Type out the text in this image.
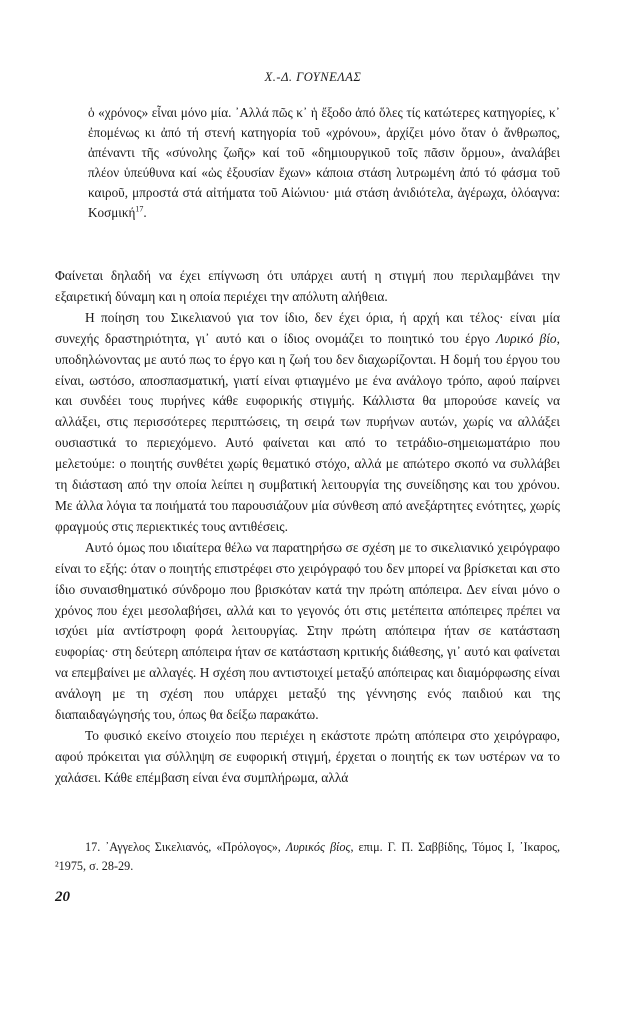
Χ.-Δ. ΓΟΥΝΕΛΑΣ

ὁ «χρόνος» εἶναι μόνο μία. ᾿Αλλά πῶς κ᾿ ἡ ἔξοδο ἀπό ὅλες τίς κατώτερες κατηγορίες, κ᾿ ἐπομένως κι ἀπό τή στενή κατηγορία τοῦ «χρόνου», ἀρχίζει μόνο ὅταν ὁ ἄνθρωπος, ἀπέναντι τῆς «σύνολης ζωῆς» καί τοῦ «δημιουργικοῦ τοῖς πᾶσιν ὅρμου», ἀναλάβει πλέον ὑπεύθυνα καί «ὡς ἐξουσίαν ἔχων» κάποια στάση λυτρωμένη ἀπό τό φάσμα τοῦ καιροῦ, μπροστά στά αἰτήματα τοῦ Αἰώνιου· μιά στάση ἀνιδιότελα, ἀγέρωχα, ὁλόαγνα: Κοσμική$^{17}$.

Φαίνεται δηλαδή να έχει επίγνωση ότι υπάρχει αυτή η στιγμή που περιλαμβάνει την εξαιρετική δύναμη και η οποία περιέχει την απόλυτη αλήθεια.

Η ποίηση του Σικελιανού για τον ίδιο, δεν έχει όρια, ή αρχή και τέλος· είναι μία συνεχής δραστηριότητα, γι᾿ αυτό και ο ίδιος ονομάζει το ποιητικό του έργο Λυρικό βίο, υποδηλώνοντας με αυτό πως το έργο και η ζωή του δεν διαχωρίζονται. Η δομή του έργου του είναι, ωστόσο, αποσπασματική, γιατί είναι φτιαγμένο με ένα ανάλογο τρόπο, αφού παίρνει και συνδέει τους πυρήνες κάθε ευφορικής στιγμής. Κάλλιστα θα μπορούσε κανείς να αλλάξει, στις περισσότερες περιπτώσεις, τη σειρά των πυρήνων αυτών, χωρίς να αλλάξει ουσιαστικά το περιεχόμενο. Αυτό φαίνεται και από το τετράδιο-σημειωματάριο που μελετούμε: ο ποιητής συνθέτει χωρίς θεματικό στόχο, αλλά με απώτερο σκοπό να συλλάβει τη διάσταση από την οποία λείπει η συμβατική λειτουργία της συνείδησης και του χρόνου. Με άλλα λόγια τα ποιήματά του παρουσιάζουν μία σύνθεση από ανεξάρτητες ενότητες, χωρίς φραγμούς στις περιεκτικές τους αντιθέσεις.

Αυτό όμως που ιδιαίτερα θέλω να παρατηρήσω σε σχέση με το σικελιανικό χειρόγραφο είναι το εξής: όταν ο ποιητής επιστρέφει στο χειρόγραφό του δεν μπορεί να βρίσκεται και στο ίδιο συναισθηματικό σύνδρομο που βρισκόταν κατά την πρώτη απόπειρα. Δεν είναι μόνο ο χρόνος που έχει μεσολαβήσει, αλλά και το γεγονός ότι στις μετέπειτα απόπειρες πρέπει να ισχύει μία αντίστροφη φορά λειτουργίας. Στην πρώτη απόπειρα ήταν σε κατάσταση ευφορίας· στη δεύτερη απόπειρα ήταν σε κατάσταση κριτικής διάθεσης, γι᾿ αυτό και φαίνεται να επεμβαίνει με αλλαγές. Η σχέση που αντιστοιχεί μεταξύ απόπειρας και διαμόρφωσης είναι ανάλογη με τη σχέση που υπάρχει μεταξύ της γέννησης ενός παιδιού και της διαπαιδαγώγησής του, όπως θα δείξω παρακάτω.

Το φυσικό εκείνο στοιχείο που περιέχει η εκάστοτε πρώτη απόπειρα στο χειρόγραφο, αφού πρόκειται για σύλληψη σε ευφορική στιγμή, έρχεται ο ποιητής εκ των υστέρων να το χαλάσει. Κάθε επέμβαση είναι ένα συμπλήρωμα, αλλά

17. ᾿Αγγελος Σικελιανός, «Πρόλογος», Λυρικός βίος, επιμ. Γ. Π. Σαββίδης, Τόμος Ι, ᾿Ικαρος, ²1975, σ. 28-29.

20
